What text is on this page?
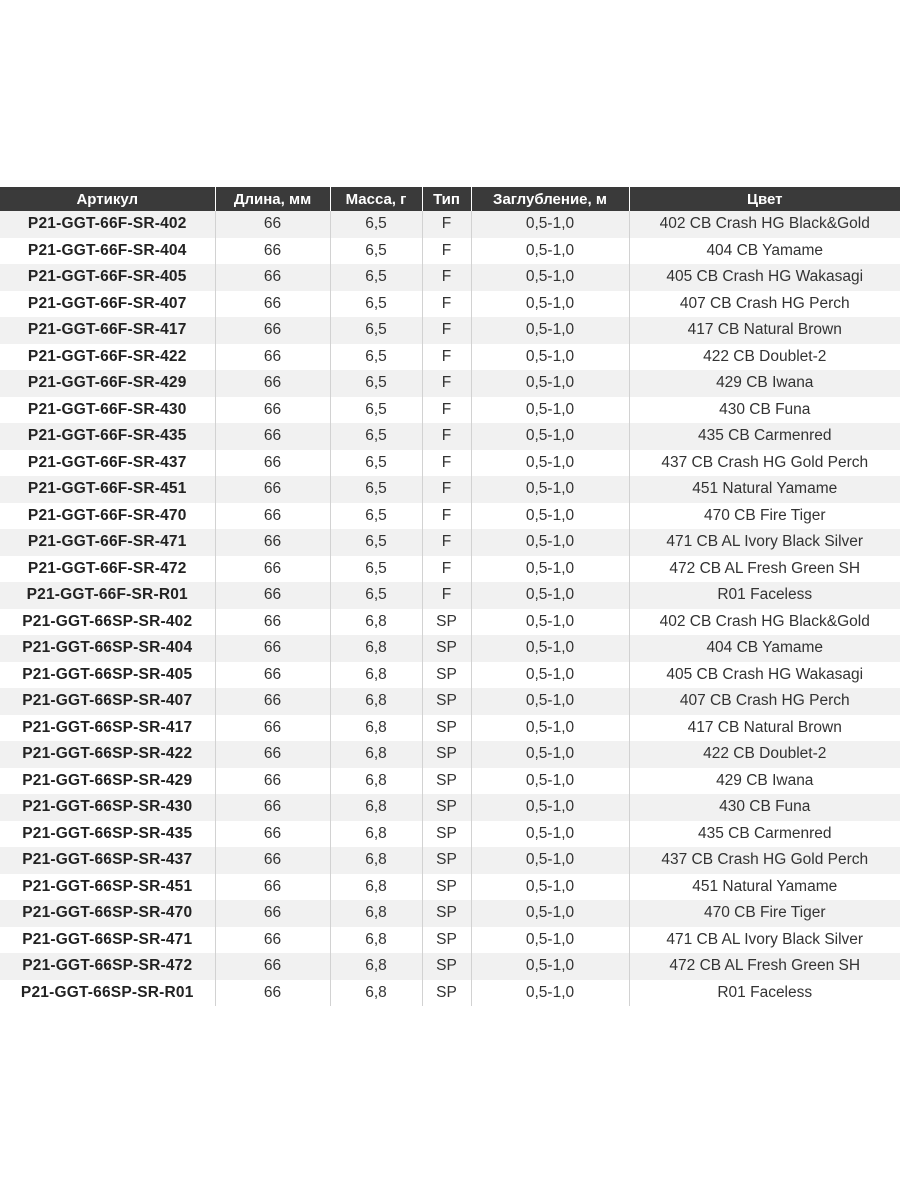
Артикул	Длина, мм	Масса, г	Тип	Заглубление, м	Цвет
P21-GGT-66F-SR-402	66	6,5	F	0,5-1,0	402 CB Crash HG Black&Gold
P21-GGT-66F-SR-404	66	6,5	F	0,5-1,0	404 CB Yamame
P21-GGT-66F-SR-405	66	6,5	F	0,5-1,0	405 CB Crash HG Wakasagi
P21-GGT-66F-SR-407	66	6,5	F	0,5-1,0	407 CB Crash HG Perch
P21-GGT-66F-SR-417	66	6,5	F	0,5-1,0	417 CB Natural Brown
P21-GGT-66F-SR-422	66	6,5	F	0,5-1,0	422 CB Doublet-2
P21-GGT-66F-SR-429	66	6,5	F	0,5-1,0	429 CB Iwana
P21-GGT-66F-SR-430	66	6,5	F	0,5-1,0	430 CB Funa
P21-GGT-66F-SR-435	66	6,5	F	0,5-1,0	435 CB Carmenred
P21-GGT-66F-SR-437	66	6,5	F	0,5-1,0	437 CB Crash HG Gold Perch
P21-GGT-66F-SR-451	66	6,5	F	0,5-1,0	451 Natural Yamame
P21-GGT-66F-SR-470	66	6,5	F	0,5-1,0	470 CB Fire Tiger
P21-GGT-66F-SR-471	66	6,5	F	0,5-1,0	471 CB AL Ivory Black Silver
P21-GGT-66F-SR-472	66	6,5	F	0,5-1,0	472 CB AL Fresh Green SH
P21-GGT-66F-SR-R01	66	6,5	F	0,5-1,0	R01 Faceless
P21-GGT-66SP-SR-402	66	6,8	SP	0,5-1,0	402 CB Crash HG Black&Gold
P21-GGT-66SP-SR-404	66	6,8	SP	0,5-1,0	404 CB Yamame
P21-GGT-66SP-SR-405	66	6,8	SP	0,5-1,0	405 CB Crash HG Wakasagi
P21-GGT-66SP-SR-407	66	6,8	SP	0,5-1,0	407 CB Crash HG Perch
P21-GGT-66SP-SR-417	66	6,8	SP	0,5-1,0	417 CB Natural Brown
P21-GGT-66SP-SR-422	66	6,8	SP	0,5-1,0	422 CB Doublet-2
P21-GGT-66SP-SR-429	66	6,8	SP	0,5-1,0	429 CB Iwana
P21-GGT-66SP-SR-430	66	6,8	SP	0,5-1,0	430 CB Funa
P21-GGT-66SP-SR-435	66	6,8	SP	0,5-1,0	435 CB Carmenred
P21-GGT-66SP-SR-437	66	6,8	SP	0,5-1,0	437 CB Crash HG Gold Perch
P21-GGT-66SP-SR-451	66	6,8	SP	0,5-1,0	451 Natural Yamame
P21-GGT-66SP-SR-470	66	6,8	SP	0,5-1,0	470 CB Fire Tiger
P21-GGT-66SP-SR-471	66	6,8	SP	0,5-1,0	471 CB AL Ivory Black Silver
P21-GGT-66SP-SR-472	66	6,8	SP	0,5-1,0	472 CB AL Fresh Green SH
P21-GGT-66SP-SR-R01	66	6,8	SP	0,5-1,0	R01 Faceless
